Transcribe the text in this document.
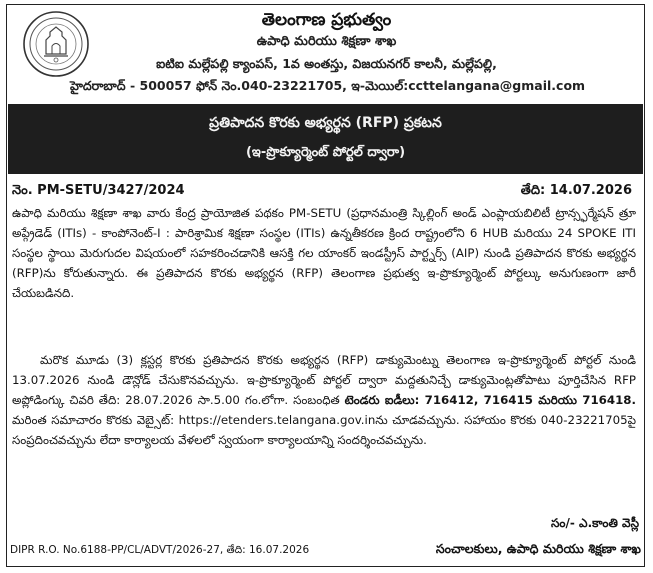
తెలంగాణ ప్రభుత్వం
ఉపాధి మరియు శిక్షణా శాఖ
ఐటిఐ మల్లేపల్లి క్యాంపస్, 1వ అంతస్తు, విజయనగర్ కాలనీ, మల్లేపల్లి,
హైదరాబాద్ - 500057 ఫోన్ నెం.040-23221705, ఇ-మెయిల్:ccttelangana@gmail.com
ప్రతిపాదన కొరకు అభ్యర్థన (RFP) ప్రకటన
(ఇ-ప్రొక్యూర్మెంట్ పోర్టల్ ద్వారా)
నెం. PM-SETU/3427/2024	తేది: 14.07.2026
ఉపాధి మరియు శిక్షణా శాఖ వారు కేంద్ర ప్రాయోజిత పథకం PM-SETU (ప్రధానమంత్రి స్కిల్లింగ్ అండ్ ఎంప్లాయబిలిటీ ట్రాన్స్ఫర్మేషన్ త్రూ అప్గ్రేడెడ్ (ITIs) - కాంపోనెంట్-I : పారిశ్రామిక శిక్షణా సంస్థల (ITIs) ఉన్నతీకరణ క్రింద రాష్ట్రంలోని 6 HUB మరియు 24 SPOKE ITI సంస్థల స్థాయి మెరుగుదల విషయంలో సహకరించడానికి ఆసక్తి గల యాంకర్ ఇండస్ట్రీస్ పార్ట్నర్స్ (AIP) నుండి ప్రతిపాదన కొరకు అభ్యర్థన (RFP)ను కోరుతున్నారు. ఈ ప్రతిపాదన కొరకు అభ్యర్థన (RFP) తెలంగాణ ప్రభుత్వ ఇ-ప్రొక్యూర్మెంట్ పోర్టల్కు అనుగుణంగా జారీ చేయబడినది.
మరొక మూడు (3) క్లస్టర్ల కొరకు ప్రతిపాదన కొరకు అభ్యర్థన (RFP) డాక్యుమెంట్ను తెలంగాణ ఇ-ప్రొక్యూర్మెంట్ పోర్టల్ నుండి 13.07.2026 నుండి డౌన్లోడ్ చేసుకొనవచ్చును. ఇ-ప్రొక్యూర్మెంట్ పోర్టల్ ద్వారా మద్దతునిచ్చే డాక్యుమెంట్లతోపాటు పూర్తిచేసిన RFP అప్లోడింగ్కు చివరి తేది: 28.07.2026 సా.5.00 గం.లోగా. సంబంధిత టెండరు ఐడీలు: 716412, 716415 మరియు 716418. మరింత సమాచారం కొరకు వెబ్సైట్: https://etenders.telangana.gov.inను చూడవచ్చును. సహాయం కొరకు 040-23221705పై సంప్రదించవచ్చును లేదా కార్యాలయ వేళలలో స్వయంగా కార్యాలయాన్ని సందర్శించవచ్చును.
సం/- ఎ.కాంతి వెస్లీ
DIPR R.O. No.6188-PP/CL/ADVT/2026-27, తేది: 16.07.2026	సంచాలకులు, ఉపాధి మరియు శిక్షణా శాఖ
